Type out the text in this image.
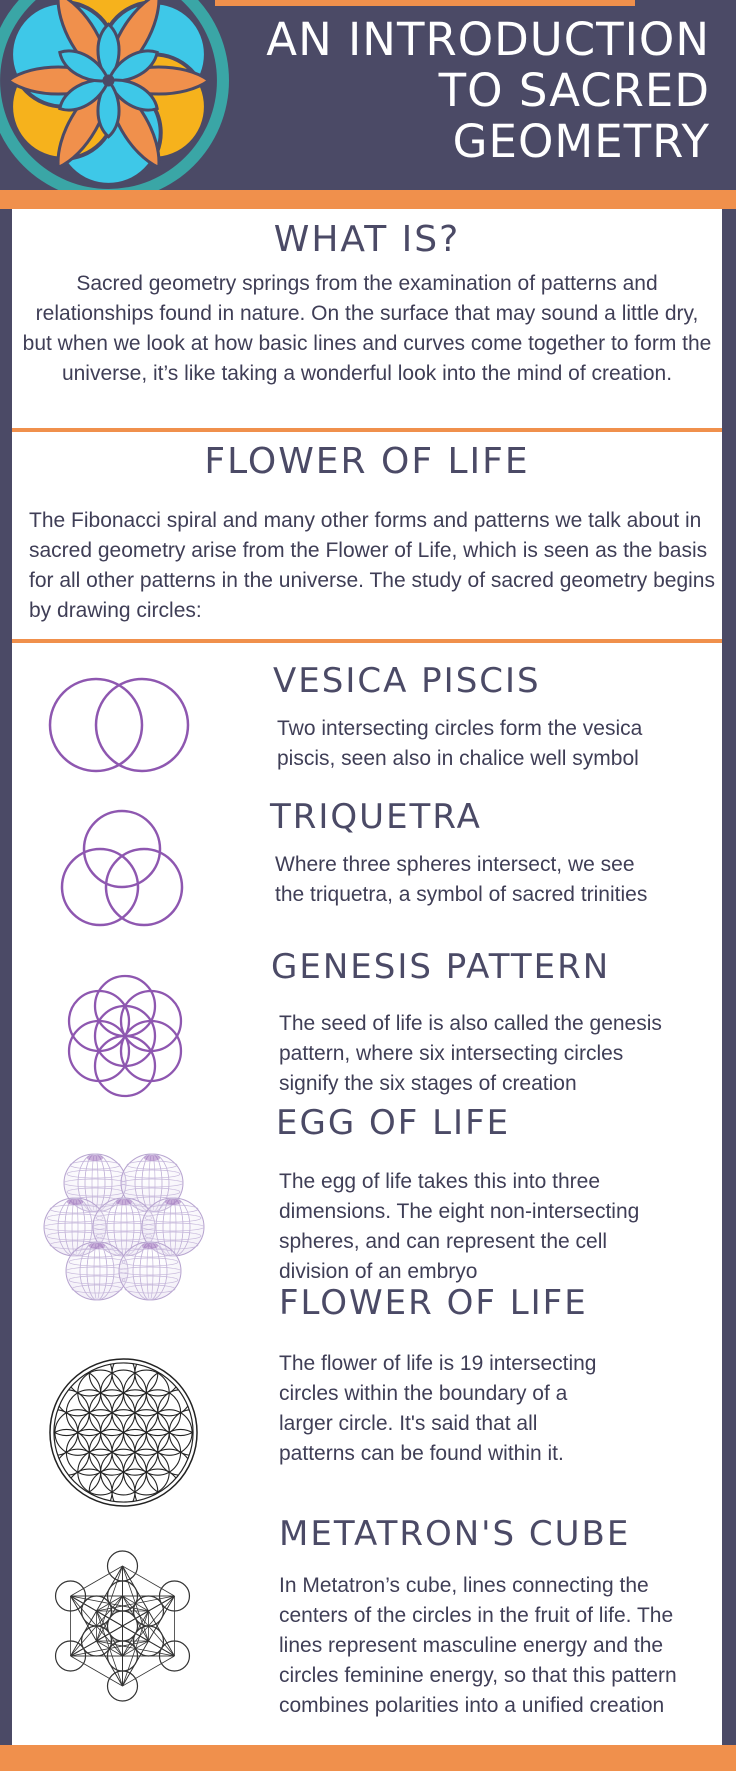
AN INTRODUCTION
TO SACRED
GEOMETRY
WHAT IS?
Sacred geometry springs from the examination of patterns and relationships found in nature. On the surface that may sound a little dry, but when we look at how basic lines and curves come together to form the universe, it’s like taking a wonderful look into the mind of creation.
FLOWER OF LIFE
The Fibonacci spiral and many other forms and patterns we talk about in sacred geometry arise from the Flower of Life, which is seen as the basis for all other patterns in the universe. The study of sacred geometry begins by drawing circles:
VESICA PISCIS
Two intersecting circles form the vesica
piscis, seen also in chalice well symbol
TRIQUETRA
Where three spheres intersect, we see
the triquetra, a symbol of sacred trinities
GENESIS PATTERN
The seed of life is also called the genesis
pattern, where six intersecting circles
signify the six stages of creation
EGG OF LIFE
The egg of life takes this into three
dimensions. The eight non-intersecting
spheres, and can represent the cell
division of an embryo
FLOWER OF LIFE
The flower of life is 19 intersecting
circles within the boundary of a
larger circle. It's said that all
patterns can be found within it.
METATRON'S CUBE
In Metatron’s cube, lines connecting the
centers of the circles in the fruit of life. The
lines represent masculine energy and the
circles feminine energy, so that this pattern
combines polarities into a unified creation
